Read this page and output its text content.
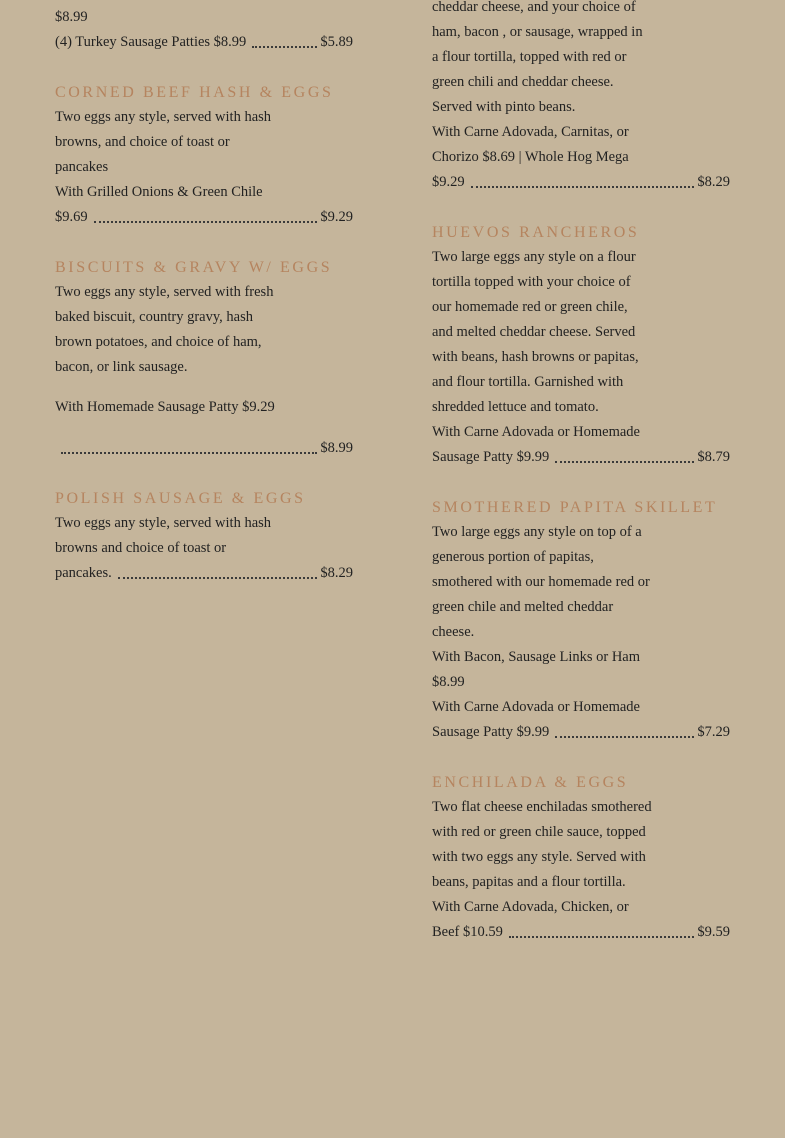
$8.99

(4) Turkey Sausage Patties $8.99	$5.89
CORNED BEEF HASH & EGGS

Two eggs any style, served with hash

browns, and choice of toast or

pancakes

With Grilled Onions & Green Chile

$9.69	$9.29
BISCUITS & GRAVY W/ EGGS

Two eggs any style, served with fresh

baked biscuit, country gravy, hash

brown potatoes, and choice of ham,

bacon, or link sausage.

With Homemade Sausage Patty $9.29

$8.99
POLISH SAUSAGE & EGGS

Two eggs any style, served with hash

browns and choice of toast or

pancakes.	$8.29

cheddar cheese, and your choice of

ham, bacon , or sausage, wrapped in

a flour tortilla, topped with red or

green chili and cheddar cheese.

Served with pinto beans.

With Carne Adovada, Carnitas, or

Chorizo $8.69 | Whole Hog Mega

$9.29	$8.29
HUEVOS RANCHEROS

Two large eggs any style on a flour

tortilla topped with your choice of

our homemade red or green chile,

and melted cheddar cheese. Served

with beans, hash browns or papitas,

and flour tortilla. Garnished with

shredded lettuce and tomato.

With Carne Adovada or Homemade

Sausage Patty $9.99	$8.79
SMOTHERED PAPITA SKILLET

Two large eggs any style on top of a

generous portion of papitas,

smothered with our homemade red or

green chile and melted cheddar

cheese.

With Bacon, Sausage Links or Ham

$8.99

With Carne Adovada or Homemade

Sausage Patty $9.99	$7.29
ENCHILADA & EGGS

Two flat cheese enchiladas smothered

with red or green chile sauce, topped

with two eggs any style. Served with

beans, papitas and a flour tortilla.

With Carne Adovada, Chicken, or

Beef $10.59	$9.59
